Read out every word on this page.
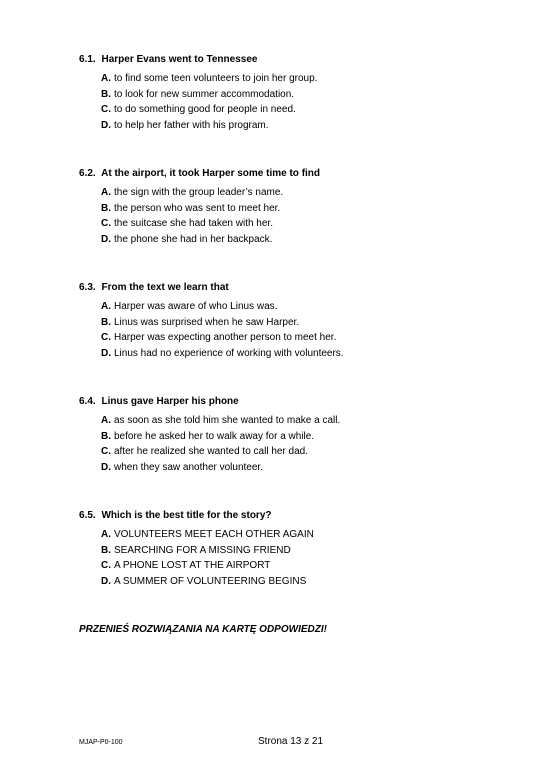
6.1. Harper Evans went to Tennessee
A. to find some teen volunteers to join her group.
B. to look for new summer accommodation.
C. to do something good for people in need.
D. to help her father with his program.
6.2. At the airport, it took Harper some time to find
A. the sign with the group leader’s name.
B. the person who was sent to meet her.
C. the suitcase she had taken with her.
D. the phone she had in her backpack.
6.3. From the text we learn that
A. Harper was aware of who Linus was.
B. Linus was surprised when he saw Harper.
C. Harper was expecting another person to meet her.
D. Linus had no experience of working with volunteers.
6.4. Linus gave Harper his phone
A. as soon as she told him she wanted to make a call.
B. before he asked her to walk away for a while.
C. after he realized she wanted to call her dad.
D. when they saw another volunteer.
6.5. Which is the best title for the story?
A. VOLUNTEERS MEET EACH OTHER AGAIN
B. SEARCHING FOR A MISSING FRIEND
C. A PHONE LOST AT THE AIRPORT
D. A SUMMER OF VOLUNTEERING BEGINS
PRZENIEŚ ROZWIĄZANIA NA KARTĘ ODPOWIEDZI!
MJAP-P0-100	Strona 13 z 21
